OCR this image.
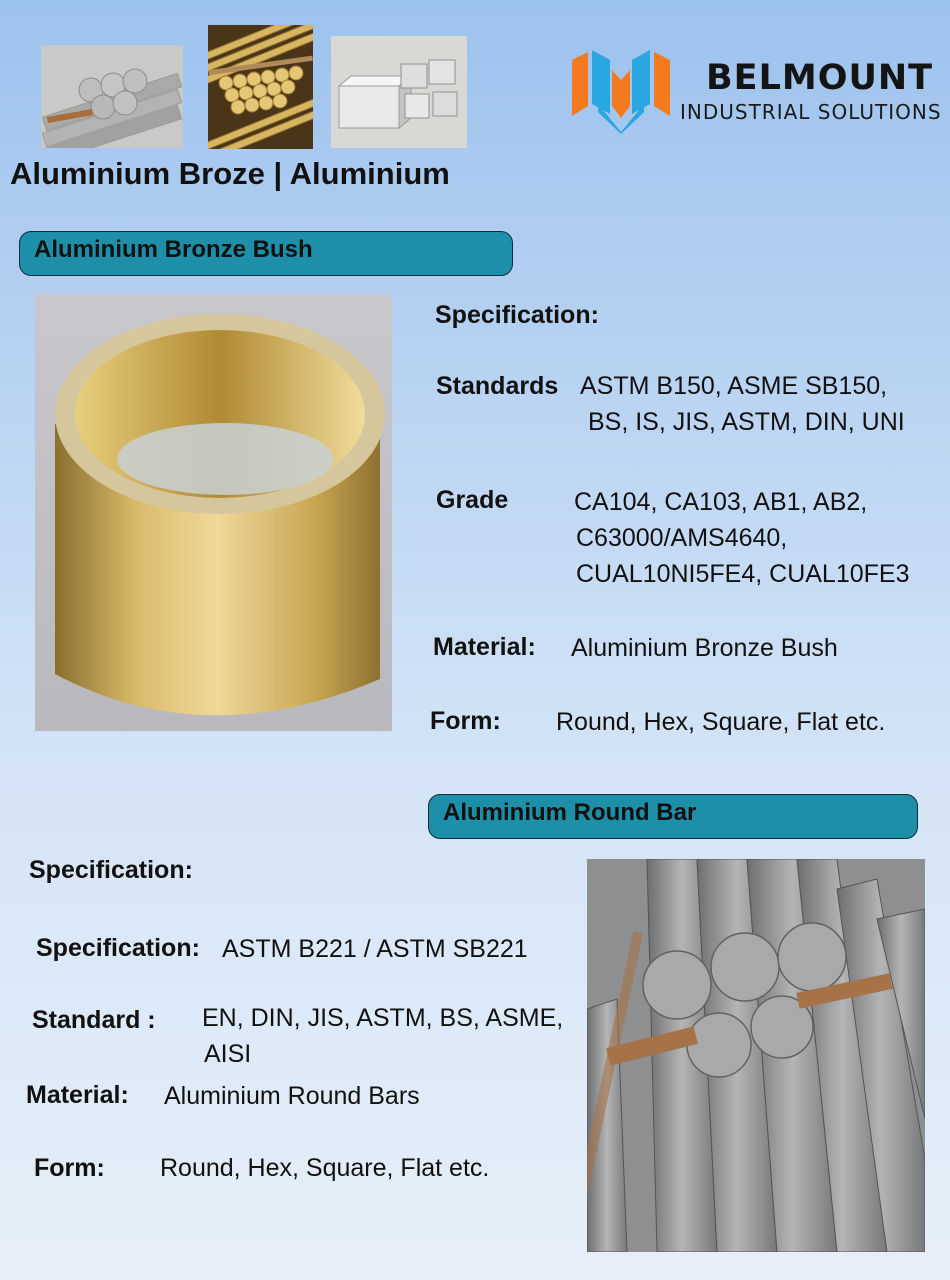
BELMOUNT
INDUSTRIAL SOLUTIONS
Aluminium Broze | Aluminium
Aluminium Bronze Bush
Specification:
Standards ASTM B150, ASME SB150,
BS, IS, JIS, ASTM, DIN, UNI
Grade	CA104, CA103, AB1, AB2,
C63000/AMS4640,
CUAL10NI5FE4, CUAL10FE3
Material: Aluminium Bronze Bush
Form: Round, Hex, Square, Flat etc.
Aluminium Round Bar
Specification:
Specification: ASTM B221 / ASTM SB221
Standard : EN, DIN, JIS, ASTM, BS, ASME,
AISI
Material: Aluminium Round Bars
Form: Round, Hex, Square, Flat etc.
